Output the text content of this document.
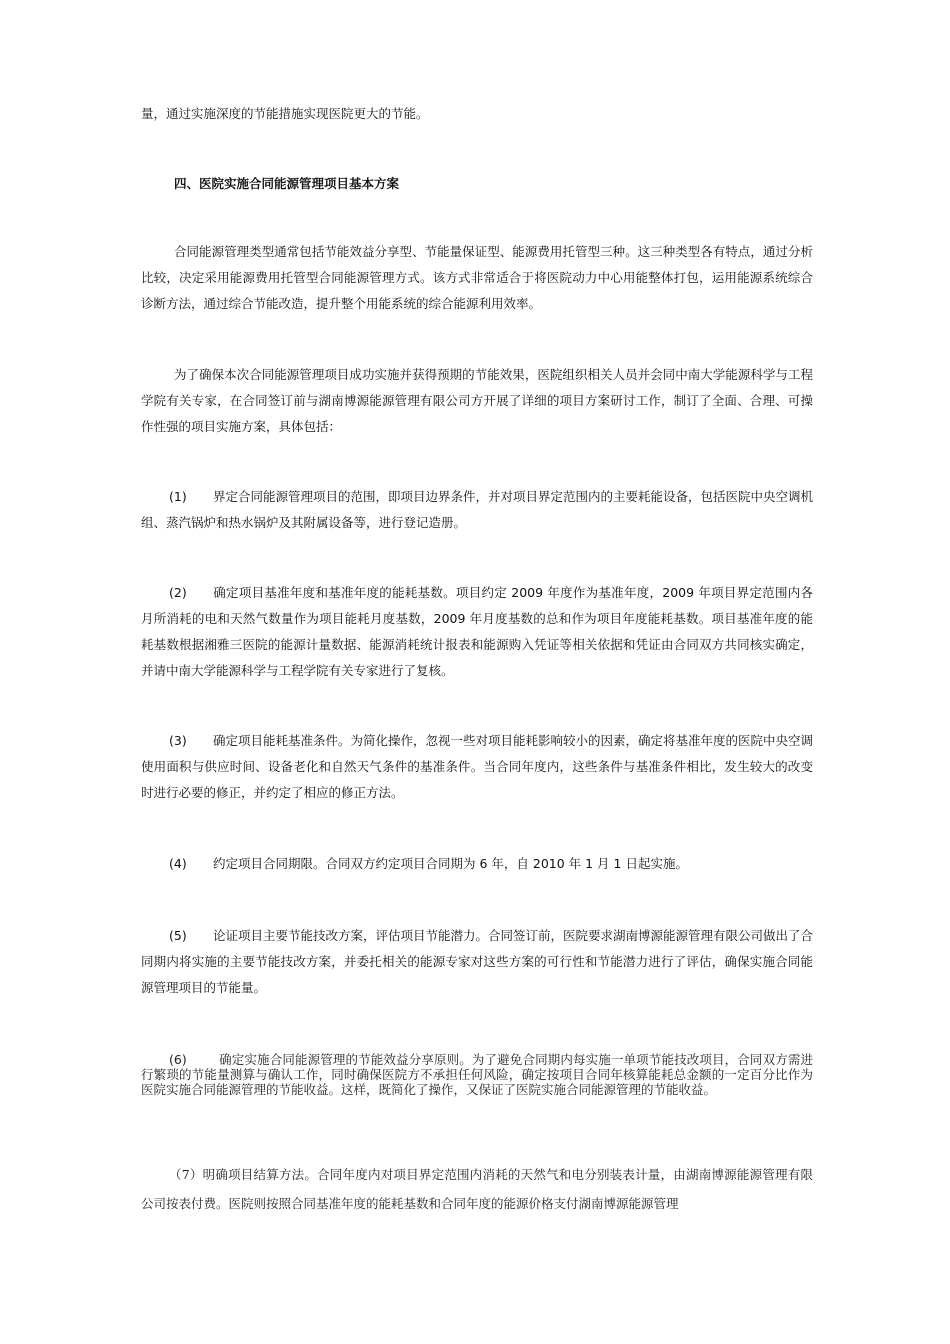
量，通过实施深度的节能措施实现医院更大的节能。

四、医院实施合同能源管理项目基本方案

合同能源管理类型通常包括节能效益分享型、节能量保证型、能源费用托管型三种。这三种类型各有特点，通过分析比较，决定采用能源费用托管型合同能源管理方式。该方式非常适合于将医院动力中心用能整体打包，运用能源系统综合诊断方法，通过综合节能改造，提升整个用能系统的综合能源利用效率。

为了确保本次合同能源管理项目成功实施并获得预期的节能效果，医院组织相关人员并会同中南大学能源科学与工程学院有关专家，在合同签订前与湖南博源能源管理有限公司方开展了详细的项目方案研讨工作，制订了全面、合理、可操作性强的项目实施方案，具体包括：

(1) 界定合同能源管理项目的范围，即项目边界条件，并对项目界定范围内的主要耗能设备，包括医院中央空调机组、蒸汽锅炉和热水锅炉及其附属设备等，进行登记造册。

(2) 确定项目基准年度和基准年度的能耗基数。项目约定 2009 年度作为基准年度，2009 年项目界定范围内各月所消耗的电和天然气数量作为项目能耗月度基数，2009 年月度基数的总和作为项目年度能耗基数。项目基准年度的能耗基数根据湘雅三医院的能源计量数据、能源消耗统计报表和能源购入凭证等相关依据和凭证由合同双方共同核实确定，并请中南大学能源科学与工程学院有关专家进行了复核。

(3) 确定项目能耗基准条件。为简化操作，忽视一些对项目能耗影响较小的因素，确定将基准年度的医院中央空调使用面积与供应时间、设备老化和自然天气条件的基准条件。当合同年度内，这些条件与基准条件相比，发生较大的改变时进行必要的修正，并约定了相应的修正方法。

(4) 约定项目合同期限。合同双方约定项目合同期为 6 年，自 2010 年 1 月 1 日起实施。

(5) 论证项目主要节能技改方案，评估项目节能潜力。合同签订前，医院要求湖南博源能源管理有限公司做出了合同期内将实施的主要节能技改方案，并委托相关的能源专家对这些方案的可行性和节能潜力进行了评估，确保实施合同能源管理项目的节能量。

(6)	确定实施合同能源管理的节能效益分享原则。为了避免合同期内每实施一单项节能技改项目，合同双方需进行繁琐的节能量测算与确认工作，同时确保医院方不承担任何风险，确定按项目合同年核算能耗总金额的一定百分比作为医院实施合同能源管理的节能收益。这样，既简化了操作，又保证了医院实施合同能源管理的节能收益。

（7）明确项目结算方法。合同年度内对项目界定范围内消耗的天然气和电分别装表计量，由湖南博源能源管理有限公司按表付费。医院则按照合同基准年度的能耗基数和合同年度的能源价格支付湖南博源能源管理
